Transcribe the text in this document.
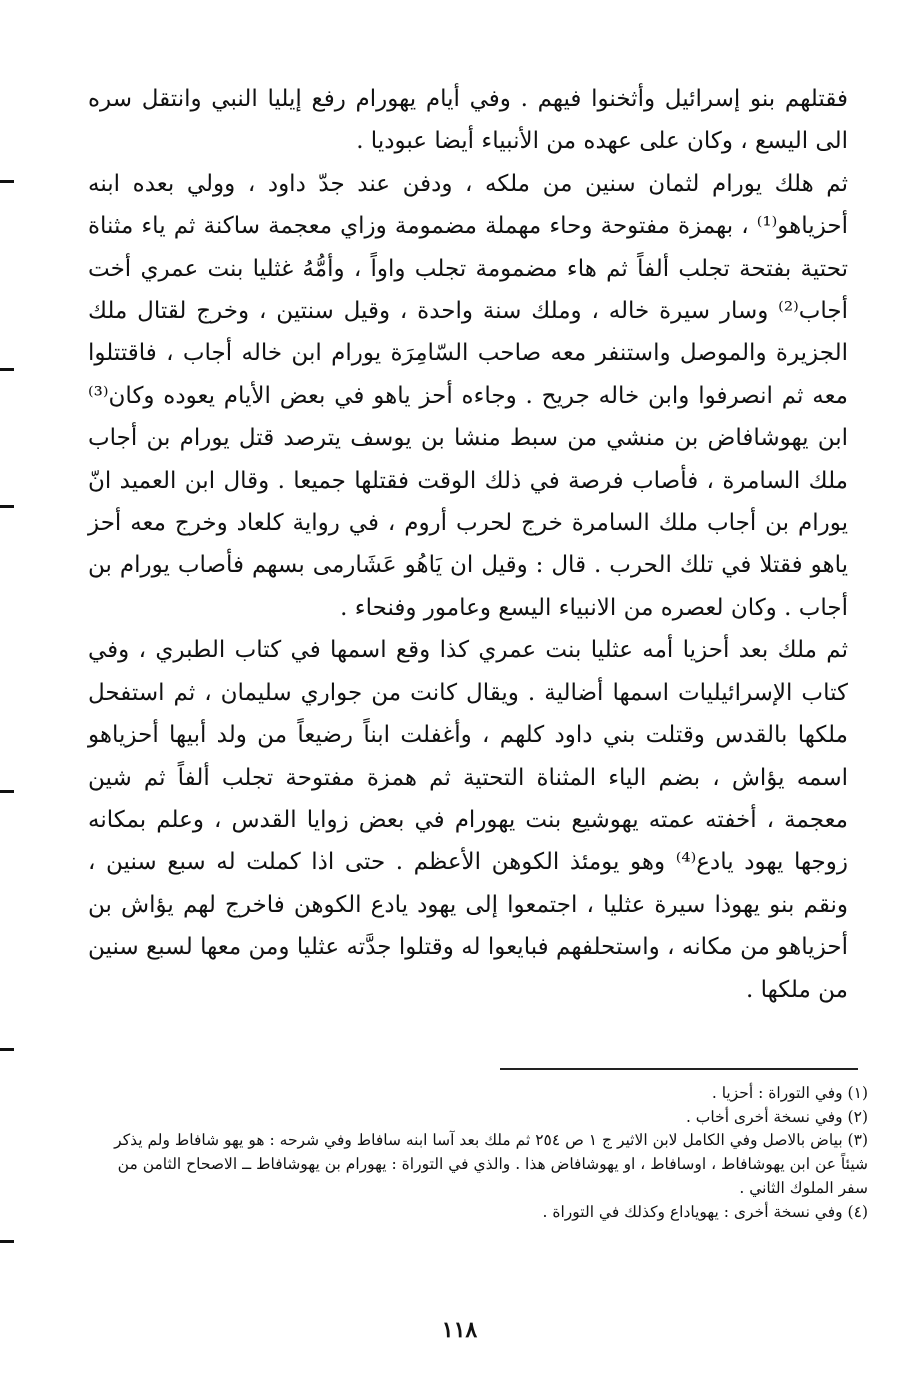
فقتلهم بنو إسرائيل وأثخنوا فيهم . وفي أيام يهورام رفع إيليا النبي وانتقل سره الى اليسع ، وكان على عهده من الأنبياء أيضا عبوديا .

ثم هلك يورام لثمان سنين من ملكه ، ودفن عند جدّ داود ، وولي بعده ابنه أحزياهو⁽¹⁾ ، بهمزة مفتوحة وحاء مهملة مضمومة وزاي معجمة ساكنة ثم ياء مثناة تحتية بفتحة تجلب ألفاً ثم هاء مضمومة تجلب واواً ، وأمُّهُ غثليا بنت عمري أخت أجاب⁽²⁾ وسار سيرة خاله ، وملك سنة واحدة ، وقيل سنتين ، وخرج لقتال ملك الجزيرة والموصل واستنفر معه صاحب السّامِرَة يورام ابن خاله أجاب ، فاقتتلوا معه ثم انصرفوا وابن خاله جريح . وجاءه أحز ياهو في بعض الأيام يعوده وكان⁽³⁾ ابن يهوشافاض بن منشي من سبط منشا بن يوسف يترصد قتل يورام بن أجاب ملك السامرة ، فأصاب فرصة في ذلك الوقت فقتلها جميعا . وقال ابن العميد انّ يورام بن أجاب ملك السامرة خرج لحرب أروم ، في رواية كلعاد وخرج معه أحز ياهو فقتلا في تلك الحرب . قال : وقيل ان يَاهُو عَشَارمى بسهم فأصاب يورام بن أجاب . وكان لعصره من الانبياء اليسع وعامور وفنحاء .

ثم ملك بعد أحزيا أمه عثليا بنت عمري كذا وقع اسمها في كتاب الطبري ، وفي كتاب الإسرائيليات اسمها أضالية . ويقال كانت من جواري سليمان ، ثم استفحل ملكها بالقدس وقتلت بني داود كلهم ، وأغفلت ابناً رضيعاً من ولد أبيها أحزياهو اسمه يؤاش ، بضم الياء المثناة التحتية ثم همزة مفتوحة تجلب ألفاً ثم شين معجمة ، أخفته عمته يهوشيع بنت يهورام في بعض زوايا القدس ، وعلم بمكانه زوجها يهود يادع⁽⁴⁾ وهو يومئذ الكوهن الأعظم . حتى اذا كملت له سبع سنين ، ونقم بنو يهوذا سيرة عثليا ، اجتمعوا إلى يهود يادع الكوهن فاخرج لهم يؤاش بن أحزياهو من مكانه ، واستحلفهم فبايعوا له وقتلوا جدَّته عثليا ومن معها لسبع سنين من ملكها .

(١) وفي التوراة : أحزيا .

(٢) وفي نسخة أخرى أخاب .

(٣) بياض بالاصل وفي الكامل لابن الاثير ج ١ ص ٢٥٤ ثم ملك بعد آسا ابنه سافاط وفي شرحه : هو يهو شافاط ولم يذكر شيئاً عن ابن يهوشافاط ، اوسافاط ، او يهوشافاض هذا . والذي في التوراة : يهورام بن يهوشافاط ــ الاصحاح الثامن من سفر الملوك الثاني .

(٤) وفي نسخة أخرى : يهوياداع وكذلك في التوراة .

١١٨
